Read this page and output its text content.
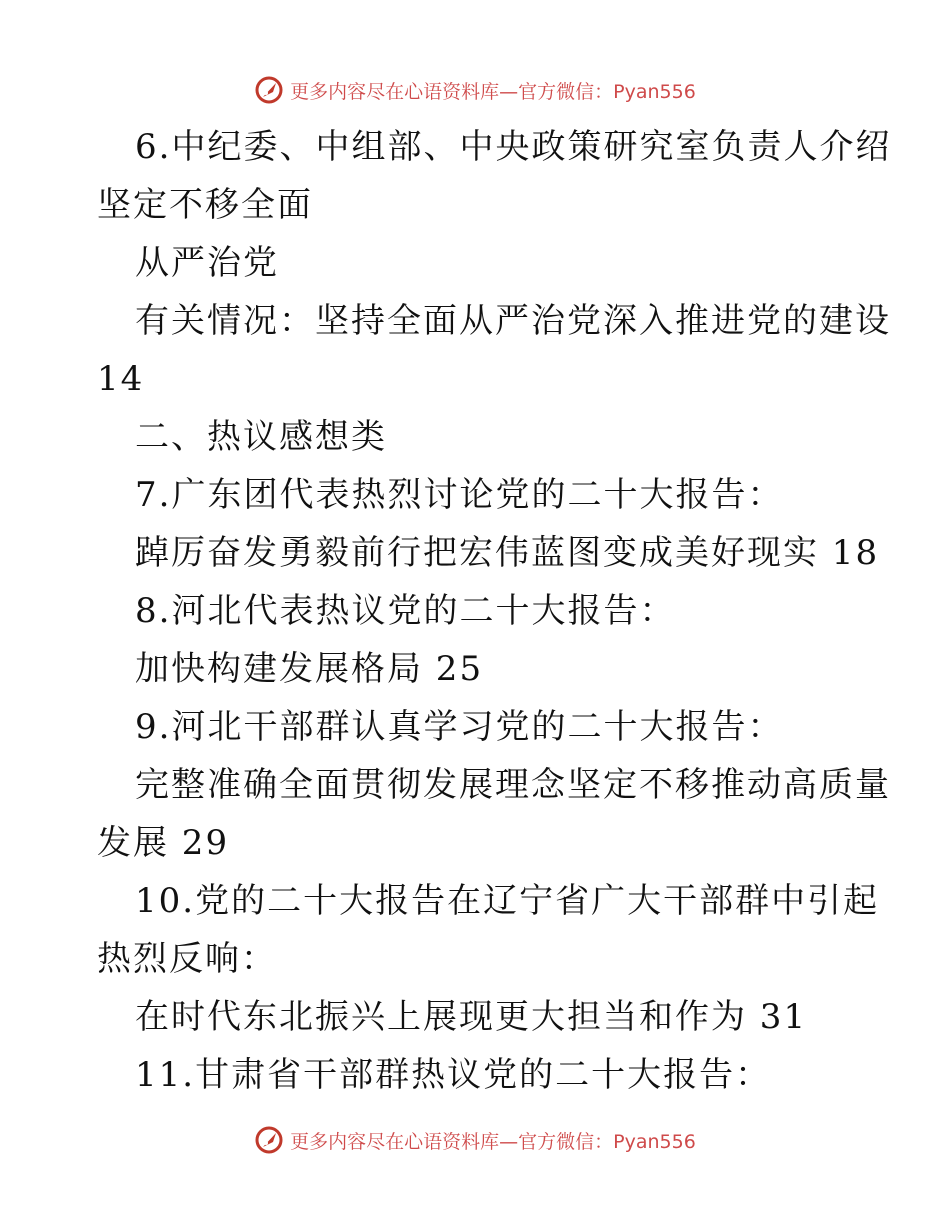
更多内容尽在心语资料库—官方微信：Pyan556
6.中纪委、中组部、中央政策研究室负责人介绍
坚定不移全面
从严治党
有关情况：坚持全面从严治党深入推进党的建设
14
二、热议感想类
7.广东团代表热烈讨论党的二十大报告：
踔厉奋发勇毅前行把宏伟蓝图变成美好现实 18
8.河北代表热议党的二十大报告：
加快构建发展格局 25
9.河北干部群认真学习党的二十大报告：
完整准确全面贯彻发展理念坚定不移推动高质量
发展 29
10.党的二十大报告在辽宁省广大干部群中引起
热烈反响：
在时代东北振兴上展现更大担当和作为 31
11.甘肃省干部群热议党的二十大报告：
更多内容尽在心语资料库—官方微信：Pyan556
